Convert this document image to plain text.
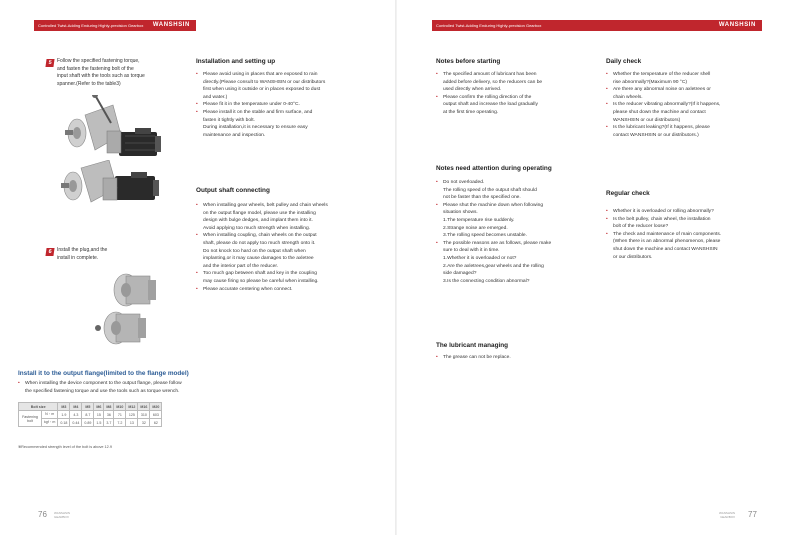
Controlled Twist-Adding Enduring Highly-precision Gearbox WANSHSIN
5	Follow the specified fastening torque,
and fasten the fastening bolt of the
input shaft with the tools such as torque
spanner.(Refer to the table3)
6	Install the plug,and the
install in complete.
Installation and setting up
• Please avoid using in places that are exposed to rain
directly.(Please consult to WANSHSIN or our distributors
first when using it outside or in places exposed to dust
and water.)
• Please fit it in the temperature under 0-40°C.
• Please install it on the stable and firm surface, and
fasten it tightly with bolt.
During installation,it is necessary to ensure easy
maintenance and inspection.
Output shaft connecting
• When installing gear wheels, belt pulley and chain wheels
on the output flange model, please use the installing
design with bulge dedges, and implant them into it.
Avoid applying too much strength when installing.
• When installing coupling, chain wheels on the output
shaft, please do not apply too much strength onto it.
Do not knock too hard on the output shaft when
implanting,or it may cause damages to the axletree
and the interior part of the reducer.
• Too much gap between shaft and key in the coupling
may cause firing so please be careful when installing.
• Please accurate centering when connect.
Install it to the output flange(limited to the flange model)
• When installing the device component to the output flange, please follow
the specified fastening torque and use the tools such as torque wrench.
Bolt size		M3	M4	M5	M6	M8	M10	M12	M16	M20
Fastening bolt	N・m	1.9	4.3	8.7	15	36	71	125	310	603
	kgf・m	0.18	0.44	0.89	1.5	3.7	7.2	13	32	62
※Recommended strength level of the bolt is above 12.9
76 WANSHSIN
GEARBOX
Controlled Twist-Adding Enduring Highly-precision Gearbox	WANSHSIN
Notes before starting
• The specified amount of lubricant has been
added before delivery, so the reducers can be
used directly when arrived.
• Please confirm the rolling direction of the
output shaft and increase the load gradually
at the first time operating.
Notes need attention during operating
• Do not overloaded.
The rolling speed of the output shaft should
not be faster than the specified one.
• Please shut the machine down when following
situation shows.
1.The temperature rise suddenly.
2.Strange noise are emerged.
3.The rolling speed becomes unstable.
• The possible reasons are as follows, please make
sure to deal with it in time.
1.Whether it is overloaded or not?
2.Are the axletrees,gear wheels and the rolling
side damaged?
3.Is the connecting condition abnormal?
The lubricant managing
• The grease can not be replace.
Daily check
• Whether the temperature of the reducer shell
rise abnormally?(Maximum 90 °C)
• Are there any abnormal noise on axletrees or
chain wheels.
• Is the reducer vibrating abnormally?(If it happens,
please shut down the machine and contact
WANSHSIN or our distributors)
• Is the lubricant leaking?(If it happens, please
contact WANSHSIN or our distributors.)
Regular check
• Whether it is overloaded or rolling abnormally?
• Is the belt pulley, chain wheel, the installation
bolt of the reducer loose?
• The check and maintenance of main components.
(When there is an abnormal phenomenon, please
shut down the machine and contact WANSHSIN
or our distributors.
WANSHSIN
GEARBOX 77
